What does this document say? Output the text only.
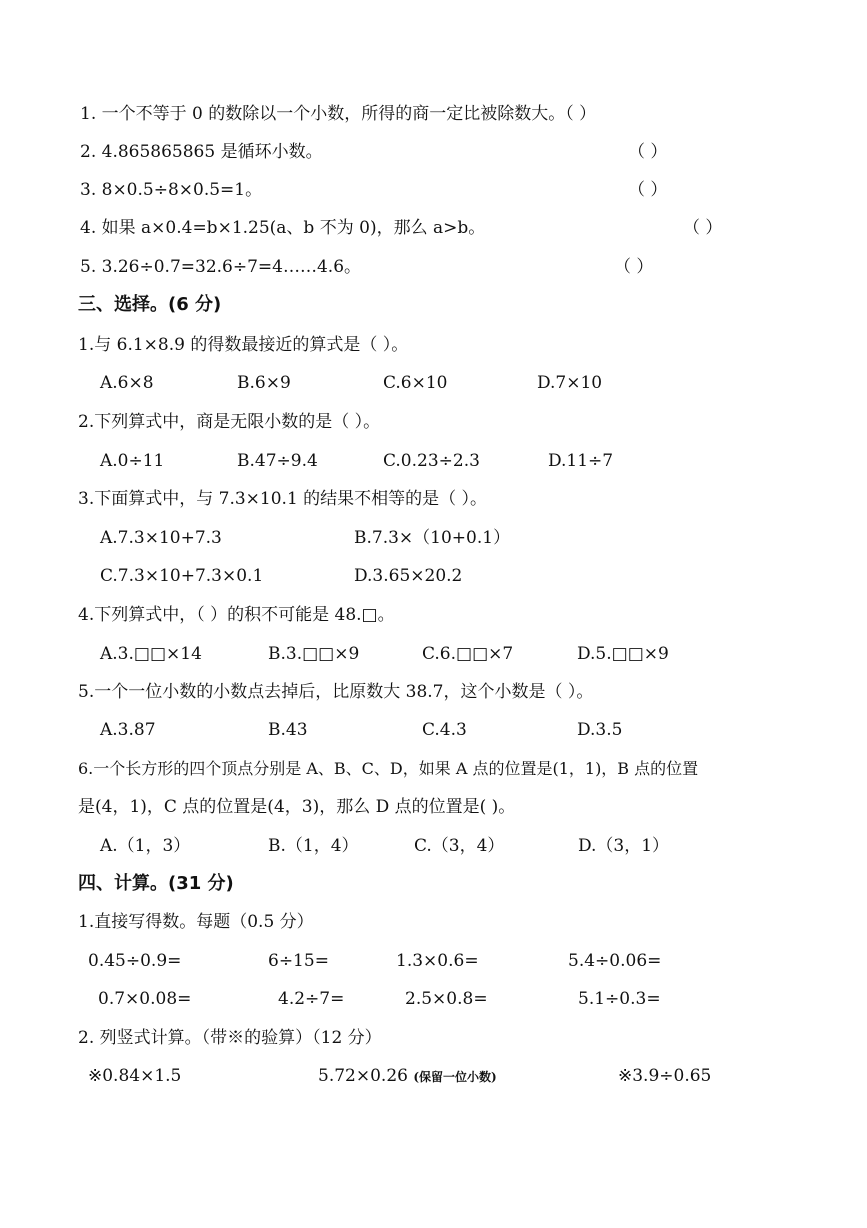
1. 一个不等于 0 的数除以一个小数，所得的商一定比被除数大。（ ）
2. 4.865865865 是循环小数。	（ ）
3. 8×0.5÷8×0.5=1。	（ ）
4. 如果 a×0.4=b×1.25(a、b 不为 0)，那么 a>b。	（ ）
5. 3.26÷0.7=32.6÷7=4……4.6。	（ ）
三、选择。(6 分)
1.与 6.1×8.9 的得数最接近的算式是（ ）。
A.6×8	B.6×9	C.6×10	D.7×10
2.下列算式中，商是无限小数的是（ ）。
A.0÷11	B.47÷9.4	C.0.23÷2.3	D.11÷7
3.下面算式中，与 7.3×10.1 的结果不相等的是（ ）。
A.7.3×10+7.3	B.7.3×（10+0.1）
C.7.3×10+7.3×0.1	D.3.65×20.2
4.下列算式中，（ ）的积不可能是 48.□。
A.3.□□×14	B.3.□□×9	C.6.□□×7	D.5.□□×9
5.一个一位小数的小数点去掉后，比原数大 38.7，这个小数是（ ）。
A.3.87	B.43	C.4.3	D.3.5
6.一个长方形的四个顶点分别是 A、B、C、D，如果 A 点的位置是(1，1)，B 点的位置
是(4，1)，C 点的位置是(4，3)，那么 D 点的位置是( )。
A.（1，3）	B.（1，4）	C.（3，4）	D.（3，1）
四、计算。(31 分)
1.直接写得数。每题（0.5 分）
0.45÷0.9=	6÷15=	1.3×0.6=	5.4÷0.06=
0.7×0.08=	4.2÷7=	2.5×0.8=	5.1÷0.3=
2. 列竖式计算。（带※的验算）（12 分）
※0.84×1.5	5.72×0.26 (保留一位小数)	※3.9÷0.65
